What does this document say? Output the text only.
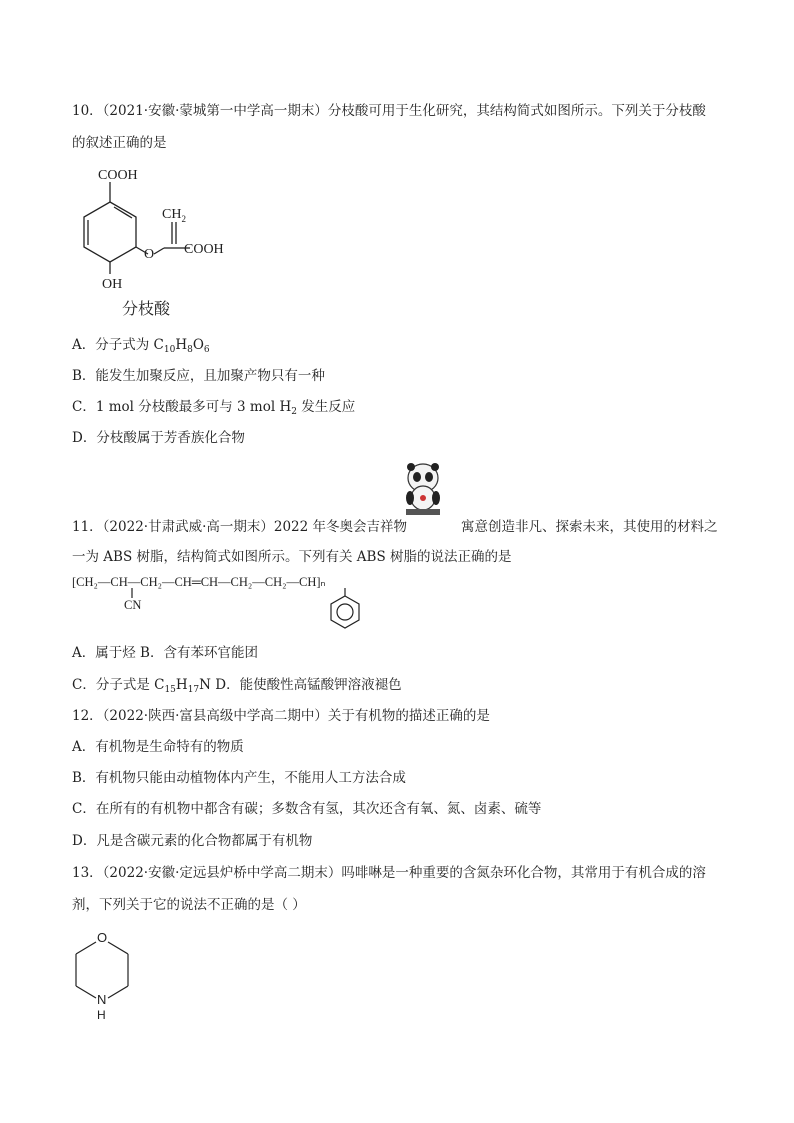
10．（2021·安徽·蒙城第一中学高一期末）分枝酸可用于生化研究，其结构简式如图所示。下列关于分枝酸
的叙述正确的是
COOH
$CH_2$
O COOH
OH
分枝酸
A．分子式为 $C_{10}H_8O_6$
B．能发生加聚反应，且加聚产物只有一种
C．1 mol 分枝酸最多可与 3 mol $H_2$ 发生反应
D．分枝酸属于芳香族化合物
11．（2022·甘肃武威·高一期末）2022 年冬奥会吉祥物	寓意创造非凡、探索未来，其使用的材料之
一为 ABS 树脂，结构简式如图所示。下列有关 ABS 树脂的说法正确的是
[CH₂—CH—CH₂—CH═CH—CH₂—CH₂—CH]ₙ
CN
A．属于烃 B．含有苯环官能团
C．分子式是 $C_{15}H_{17}N$ D．能使酸性高锰酸钾溶液褪色
12．（2022·陕西·富县高级中学高二期中）关于有机物的描述正确的是
A．有机物是生命特有的物质
B．有机物只能由动植物体内产生，不能用人工方法合成
C．在所有的有机物中都含有碳；多数含有氢，其次还含有氧、氮、卤素、硫等
D．凡是含碳元素的化合物都属于有机物
13．（2022·安徽·定远县炉桥中学高二期末）吗啡啉是一种重要的含氮杂环化合物，其常用于有机合成的溶
剂，下列关于它的说法不正确的是（ ）
O
N
H
